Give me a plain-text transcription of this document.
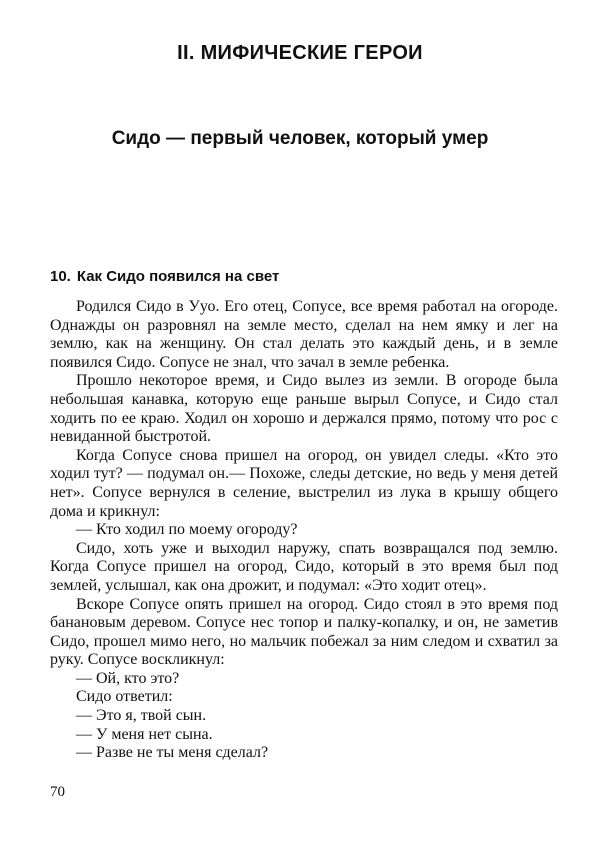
II. МИФИЧЕСКИЕ ГЕРОИ
Сидо — первый человек, который умер
10. Как Сидо появился на свет

Родился Сидо в Ууо. Его отец, Сопусе, все время работал на огороде. Однажды он разровнял на земле место, сделал на нем ямку и лег на землю, как на женщину. Он стал делать это каждый день, и в земле появился Сидо. Сопусе не знал, что зачал в земле ребенка.

Прошло некоторое время, и Сидо вылез из земли. В огороде была небольшая канавка, которую еще раньше вырыл Сопусе, и Сидо стал ходить по ее краю. Ходил он хорошо и держался прямо, потому что рос с невиданной быстротой.

Когда Сопусе снова пришел на огород, он увидел следы. «Кто это ходил тут? — подумал он.— Похоже, следы детские, но ведь у меня детей нет». Сопусе вернулся в селение, выстрелил из лука в крышу общего дома и крикнул:

— Кто ходил по моему огороду?

Сидо, хоть уже и выходил наружу, спать возвращался под землю. Когда Сопусе пришел на огород, Сидо, который в это время был под землей, услышал, как она дрожит, и подумал: «Это ходит отец».

Вскоре Сопусе опять пришел на огород. Сидо стоял в это время под банановым деревом. Сопусе нес топор и палку-копалку, и он, не заметив Сидо, прошел мимо него, но мальчик побежал за ним следом и схватил за руку. Сопусе воскликнул:

— Ой, кто это?

Сидо ответил:

— Это я, твой сын.

— У меня нет сына.

— Разве не ты меня сделал?

70
